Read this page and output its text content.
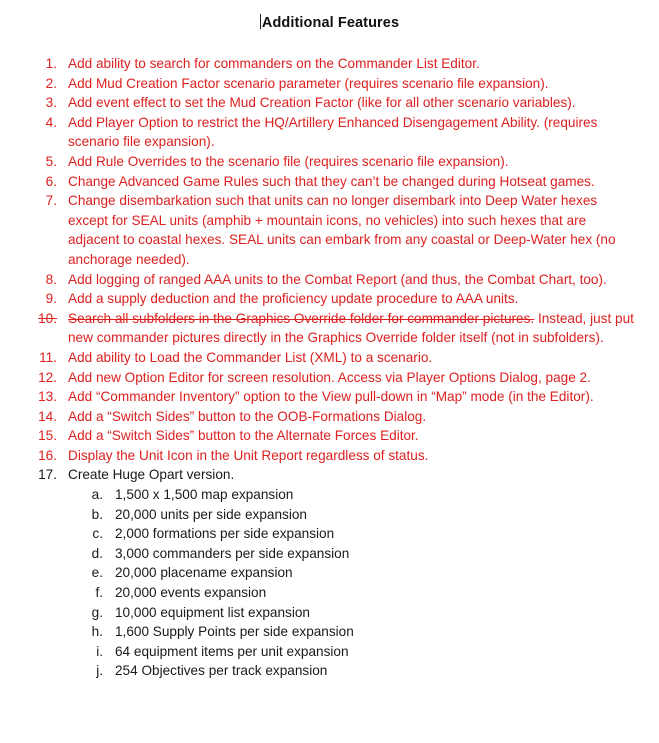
Additional Features
1. Add ability to search for commanders on the Commander List Editor.
2. Add Mud Creation Factor scenario parameter (requires scenario file expansion).
3. Add event effect to set the Mud Creation Factor (like for all other scenario variables).
4. Add Player Option to restrict the HQ/Artillery Enhanced Disengagement Ability. (requires scenario file expansion).
5. Add Rule Overrides to the scenario file (requires scenario file expansion).
6. Change Advanced Game Rules such that they can’t be changed during Hotseat games.
7. Change disembarkation such that units can no longer disembark into Deep Water hexes except for SEAL units (amphib + mountain icons, no vehicles) into such hexes that are adjacent to coastal hexes. SEAL units can embark from any coastal or Deep-Water hex (no anchorage needed).
8. Add logging of ranged AAA units to the Combat Report (and thus, the Combat Chart, too).
9. Add a supply deduction and the proficiency update procedure to AAA units.
10. Search all subfolders in the Graphics Override folder for commander pictures. Instead, just put new commander pictures directly in the Graphics Override folder itself (not in subfolders).
11. Add ability to Load the Commander List (XML) to a scenario.
12. Add new Option Editor for screen resolution. Access via Player Options Dialog, page 2.
13. Add “Commander Inventory” option to the View pull-down in “Map” mode (in the Editor).
14. Add a “Switch Sides” button to the OOB-Formations Dialog.
15. Add a “Switch Sides” button to the Alternate Forces Editor.
16. Display the Unit Icon in the Unit Report regardless of status.
17. Create Huge Opart version.
a. 1,500 x 1,500 map expansion
b. 20,000 units per side expansion
c. 2,000 formations per side expansion
d. 3,000 commanders per side expansion
e. 20,000 placename expansion
f. 20,000 events expansion
g. 10,000 equipment list expansion
h. 1,600 Supply Points per side expansion
i. 64 equipment items per unit expansion
j. 254 Objectives per track expansion
